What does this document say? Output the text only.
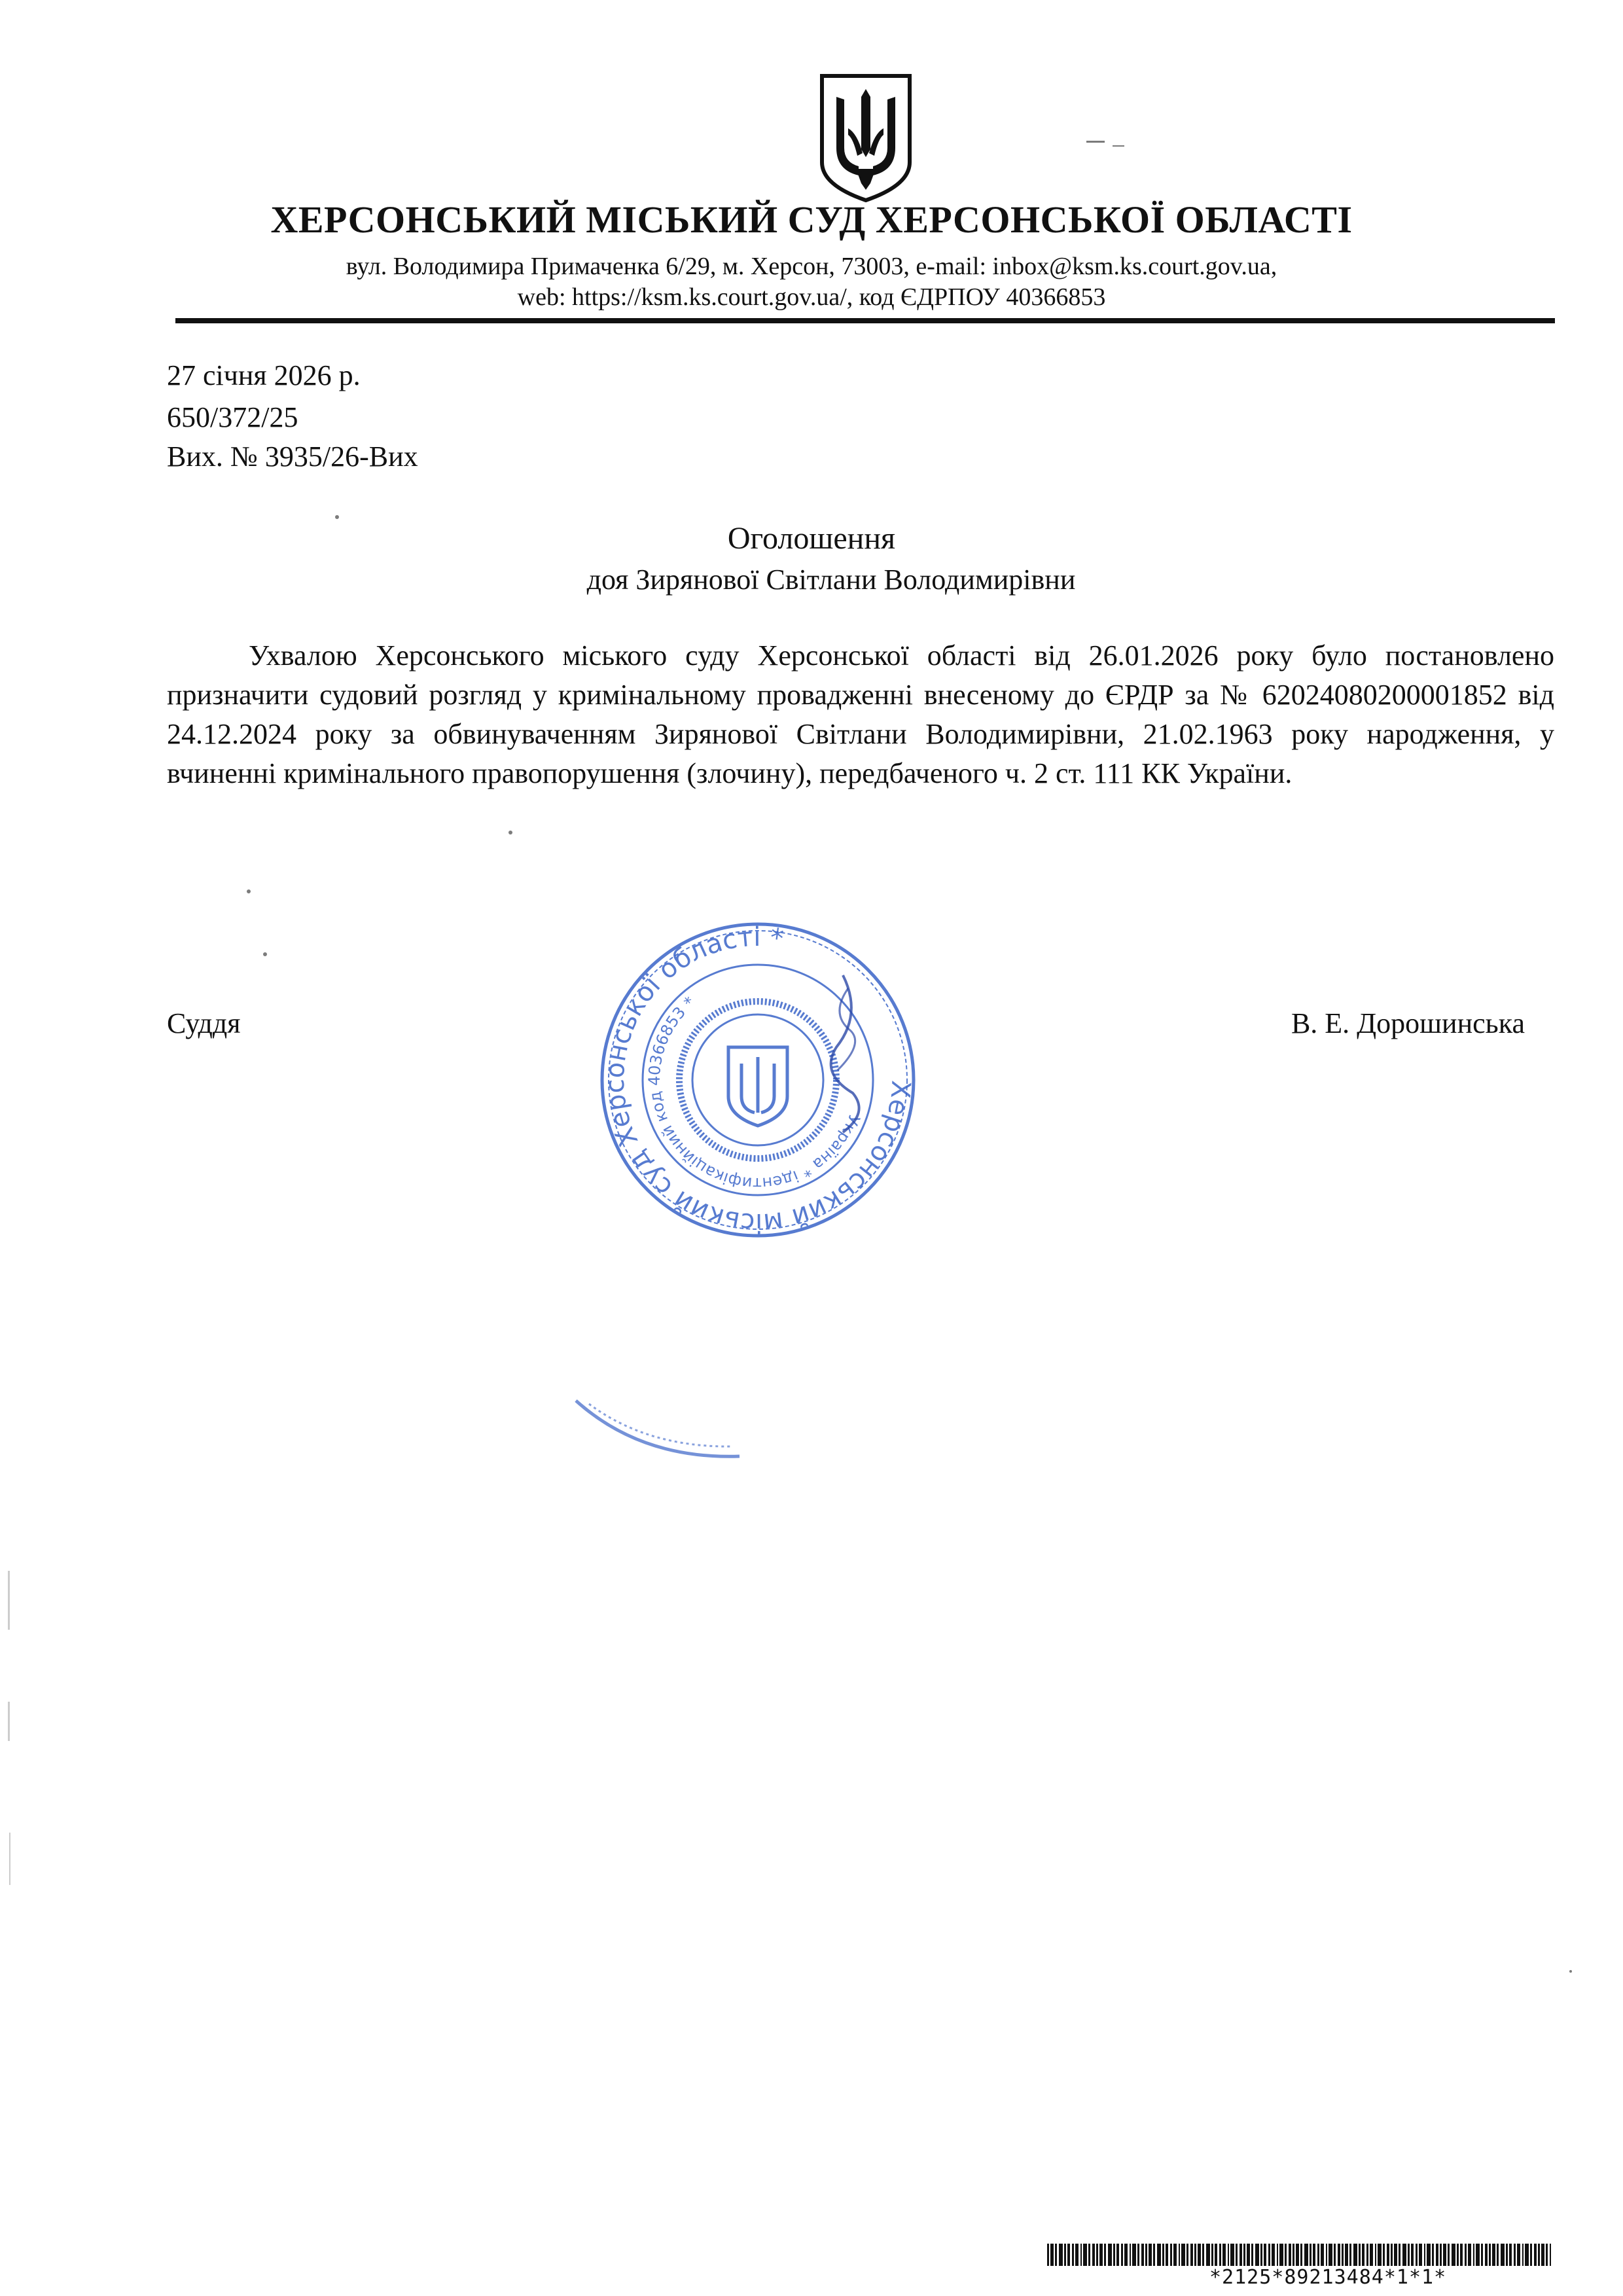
ХЕРСОНСЬКИЙ МІСЬКИЙ СУД ХЕРСОНСЬКОЇ ОБЛАСТІ
вул. Володимира Примаченка 6/29, м. Херсон, 73003, e-mail: inbox@ksm.ks.court.gov.ua,
web: https://ksm.ks.court.gov.ua/, код ЄДРПОУ 40366853
27 січня 2026 р.
650/372/25
Вих. № 3935/26-Вих
Оголошення
доя Зирянової Світлани Володимирівни
Ухвалою Херсонського міського суду Херсонської області від 26.01.2026 року було постановлено призначити судовий розгляд у кримінальному провадженні внесеному до ЄРДР за № 62024080200001852 від 24.12.2024 року за обвинуваченням Зирянової Світлани Володимирівни, 21.02.1963 року народження, у вчиненні кримінального правопорушення (злочину), передбаченого ч. 2 ст. 111 КК України.
Суддя	В. Е. Дорошинська
Херсонський міський суд Херсонської області *
Україна * ідентифікаційний код 40366853 *
*2125*89213484*1*1*
